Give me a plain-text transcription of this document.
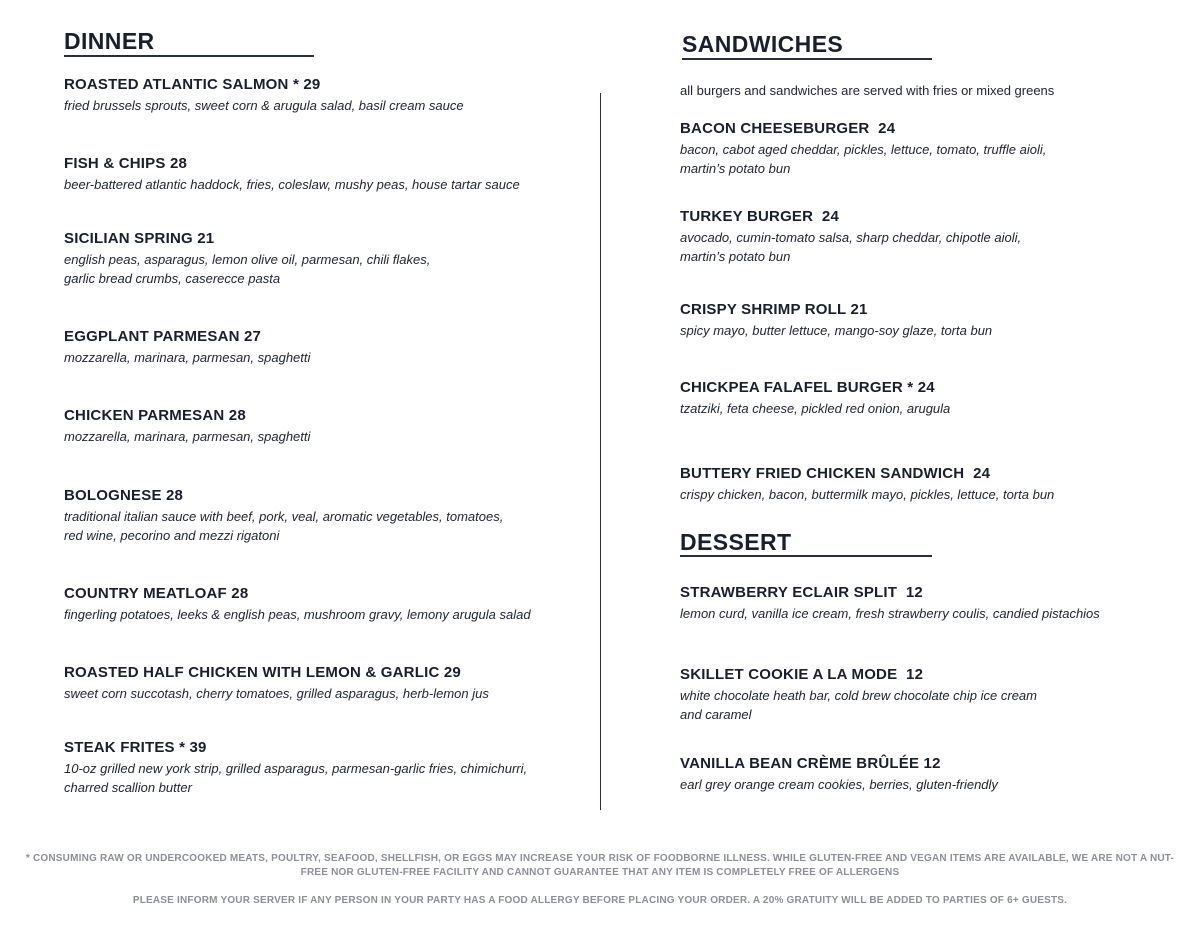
DINNER
ROASTED ATLANTIC SALMON * 29
fried brussels sprouts, sweet corn & arugula salad, basil cream sauce
FISH & CHIPS 28
beer-battered atlantic haddock, fries, coleslaw, mushy peas, house tartar sauce
SICILIAN SPRING 21
english peas, asparagus, lemon olive oil, parmesan, chili flakes,
garlic bread crumbs, caserecce pasta
EGGPLANT PARMESAN 27
mozzarella, marinara, parmesan, spaghetti
CHICKEN PARMESAN 28
mozzarella, marinara, parmesan, spaghetti
BOLOGNESE 28
traditional italian sauce with beef, pork, veal, aromatic vegetables, tomatoes,
red wine, pecorino and mezzi rigatoni
COUNTRY MEATLOAF 28
fingerling potatoes, leeks & english peas, mushroom gravy, lemony arugula salad
ROASTED HALF CHICKEN WITH LEMON & GARLIC 29
sweet corn succotash, cherry tomatoes, grilled asparagus, herb-lemon jus
STEAK FRITES * 39
10-oz grilled new york strip, grilled asparagus, parmesan-garlic fries, chimichurri,
charred scallion butter
SANDWICHES
all burgers and sandwiches are served with fries or mixed greens
BACON CHEESEBURGER  24
bacon, cabot aged cheddar, pickles, lettuce, tomato, truffle aioli,
martin’s potato bun
TURKEY BURGER  24
avocado, cumin-tomato salsa, sharp cheddar, chipotle aioli,
martin’s potato bun
CRISPY SHRIMP ROLL 21
spicy mayo, butter lettuce, mango-soy glaze, torta bun
CHICKPEA FALAFEL BURGER * 24
tzatziki, feta cheese, pickled red onion, arugula
BUTTERY FRIED CHICKEN SANDWICH  24
crispy chicken, bacon, buttermilk mayo, pickles, lettuce, torta bun
DESSERT
STRAWBERRY ECLAIR SPLIT  12
lemon curd, vanilla ice cream, fresh strawberry coulis, candied pistachios
SKILLET COOKIE A LA MODE  12
white chocolate heath bar, cold brew chocolate chip ice cream
and caramel
VANILLA BEAN CRÈME BRÛLÉE 12
earl grey orange cream cookies, berries, gluten-friendly
* CONSUMING RAW OR UNDERCOOKED MEATS, POULTRY, SEAFOOD, SHELLFISH, OR EGGS MAY INCREASE YOUR RISK OF FOODBORNE ILLNESS. WHILE GLUTEN-FREE AND VEGAN ITEMS ARE AVAILABLE, WE ARE NOT A NUT-
FREE NOR GLUTEN-FREE FACILITY AND CANNOT GUARANTEE THAT ANY ITEM IS COMPLETELY FREE OF ALLERGENS
PLEASE INFORM YOUR SERVER IF ANY PERSON IN YOUR PARTY HAS A FOOD ALLERGY BEFORE PLACING YOUR ORDER. A 20% GRATUITY WILL BE ADDED TO PARTIES OF 6+ GUESTS.
